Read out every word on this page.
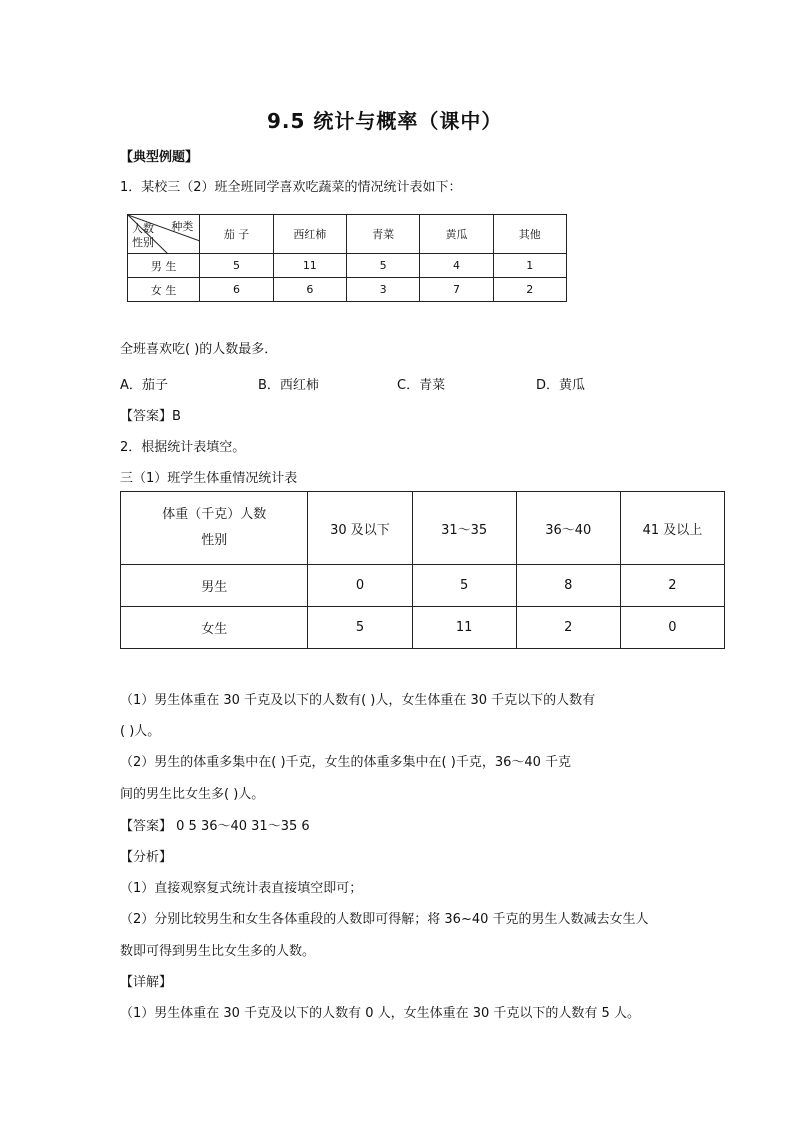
9.5 统计与概率（课中）
【典型例题】
1．某校三（2）班全班同学喜欢吃蔬菜的情况统计表如下：
种类
人数
性别	茄 子	西红柿	青菜	黄瓜	其他
男 生	5	11	5	4	1
女 生	6	6	3	7	2
全班喜欢吃( )的人数最多．
A．茄子	B．西红柿	C．青菜	D．黄瓜
【答案】B
2．根据统计表填空。
三（1）班学生体重情况统计表
体重（千克）人数
性别	30 及以下	31～35	36～40	41 及以上
男生	0	5	8	2
女生	5	11	2	0
（1）男生体重在 30 千克及以下的人数有( )人，女生体重在 30 千克以下的人数有
( )人。
（2）男生的体重多集中在( )千克，女生的体重多集中在( )千克，36～40 千克
间的男生比女生多( )人。
【答案】 0 5 36～40 31～35 6
【分析】
（1）直接观察复式统计表直接填空即可；
（2）分别比较男生和女生各体重段的人数即可得解；将 36~40 千克的男生人数减去女生人
数即可得到男生比女生多的人数。
【详解】
（1）男生体重在 30 千克及以下的人数有 0 人，女生体重在 30 千克以下的人数有 5 人。
